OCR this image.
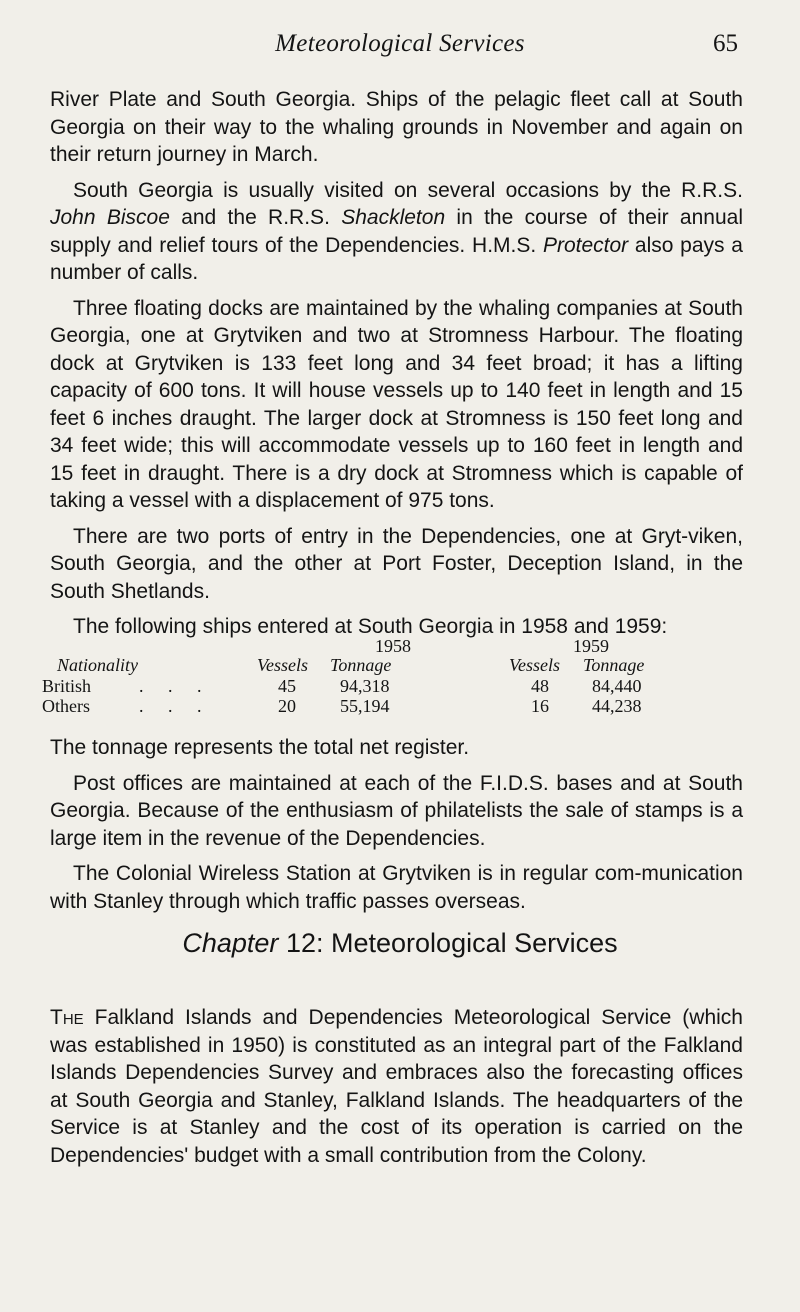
Meteorological Services	65

River Plate and South Georgia. Ships of the pelagic fleet call at South Georgia on their way to the whaling grounds in November and again on their return journey in March.

South Georgia is usually visited on several occasions by the R.R.S. John Biscoe and the R.R.S. Shackleton in the course of their annual supply and relief tours of the Dependencies. H.M.S. Protector also pays a number of calls.

Three floating docks are maintained by the whaling companies at South Georgia, one at Grytviken and two at Stromness Harbour. The floating dock at Grytviken is 133 feet long and 34 feet broad; it has a lifting capacity of 600 tons. It will house vessels up to 140 feet in length and 15 feet 6 inches draught. The larger dock at Stromness is 150 feet long and 34 feet wide; this will accommodate vessels up to 160 feet in length and 15 feet in draught. There is a dry dock at Stromness which is capable of taking a vessel with a displacement of 975 tons.

There are two ports of entry in the Dependencies, one at Gryt-viken, South Georgia, and the other at Port Foster, Deception Island, in the South Shetlands.

The following ships entered at South Georgia in 1958 and 1959:

1958	1959
Nationality	Vessels Tonnage	Vessels Tonnage
British	. . .	45 94,318	48 84,440
Others	. . .	20 55,194	16 44,238

The tonnage represents the total net register.

Post offices are maintained at each of the F.I.D.S. bases and at South Georgia. Because of the enthusiasm of philatelists the sale of stamps is a large item in the revenue of the Dependencies.

The Colonial Wireless Station at Grytviken is in regular com-munication with Stanley through which traffic passes overseas.

Chapter 12: Meteorological Services

The Falkland Islands and Dependencies Meteorological Service (which was established in 1950) is constituted as an integral part of the Falkland Islands Dependencies Survey and embraces also the forecasting offices at South Georgia and Stanley, Falkland Islands. The headquarters of the Service is at Stanley and the cost of its operation is carried on the Dependencies' budget with a small contribution from the Colony.
